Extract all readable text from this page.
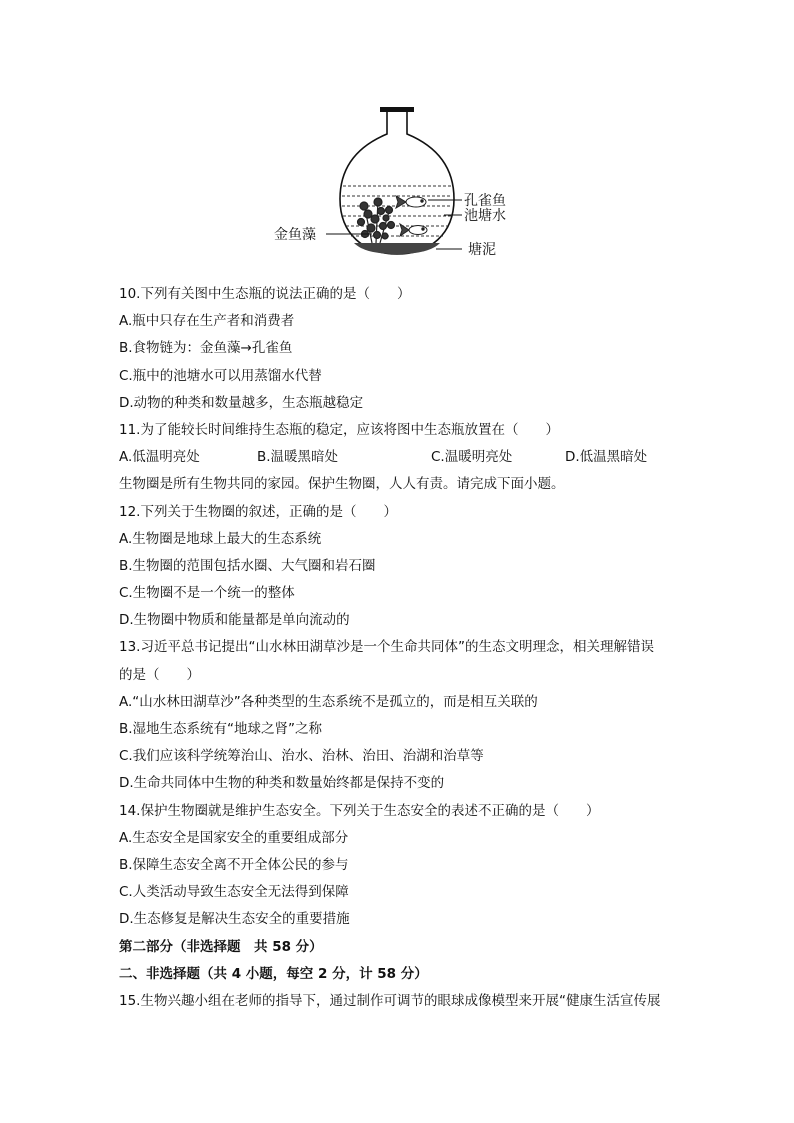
孔雀鱼
池塘水
金鱼藻
塘泥
10.下列有关图中生态瓶的说法正确的是（　　）
A.瓶中只存在生产者和消费者
B.食物链为：金鱼藻→孔雀鱼
C.瓶中的池塘水可以用蒸馏水代替
D.动物的种类和数量越多，生态瓶越稳定
11.为了能较长时间维持生态瓶的稳定，应该将图中生态瓶放置在（　　）
A.低温明亮处	B.温暖黑暗处	C.温暖明亮处	D.低温黑暗处
生物圈是所有生物共同的家园。保护生物圈，人人有责。请完成下面小题。
12.下列关于生物圈的叙述，正确的是（　　）
A.生物圈是地球上最大的生态系统
B.生物圈的范围包括水圈、大气圈和岩石圈
C.生物圈不是一个统一的整体
D.生物圈中物质和能量都是单向流动的
13.习近平总书记提出“山水林田湖草沙是一个生命共同体”的生态文明理念，相关理解错误
的是（　　）
A.“山水林田湖草沙”各种类型的生态系统不是孤立的，而是相互关联的
B.湿地生态系统有“地球之肾”之称
C.我们应该科学统筹治山、治水、治林、治田、治湖和治草等
D.生命共同体中生物的种类和数量始终都是保持不变的
14.保护生物圈就是维护生态安全。下列关于生态安全的表述不正确的是（　　）
A.生态安全是国家安全的重要组成部分
B.保障生态安全离不开全体公民的参与
C.人类活动导致生态安全无法得到保障
D.生态修复是解决生态安全的重要措施
第二部分（非选择题　共 58 分）
二、非选择题（共 4 小题，每空 2 分，计 58 分）
15.生物兴趣小组在老师的指导下，通过制作可调节的眼球成像模型来开展“健康生活宣传展
